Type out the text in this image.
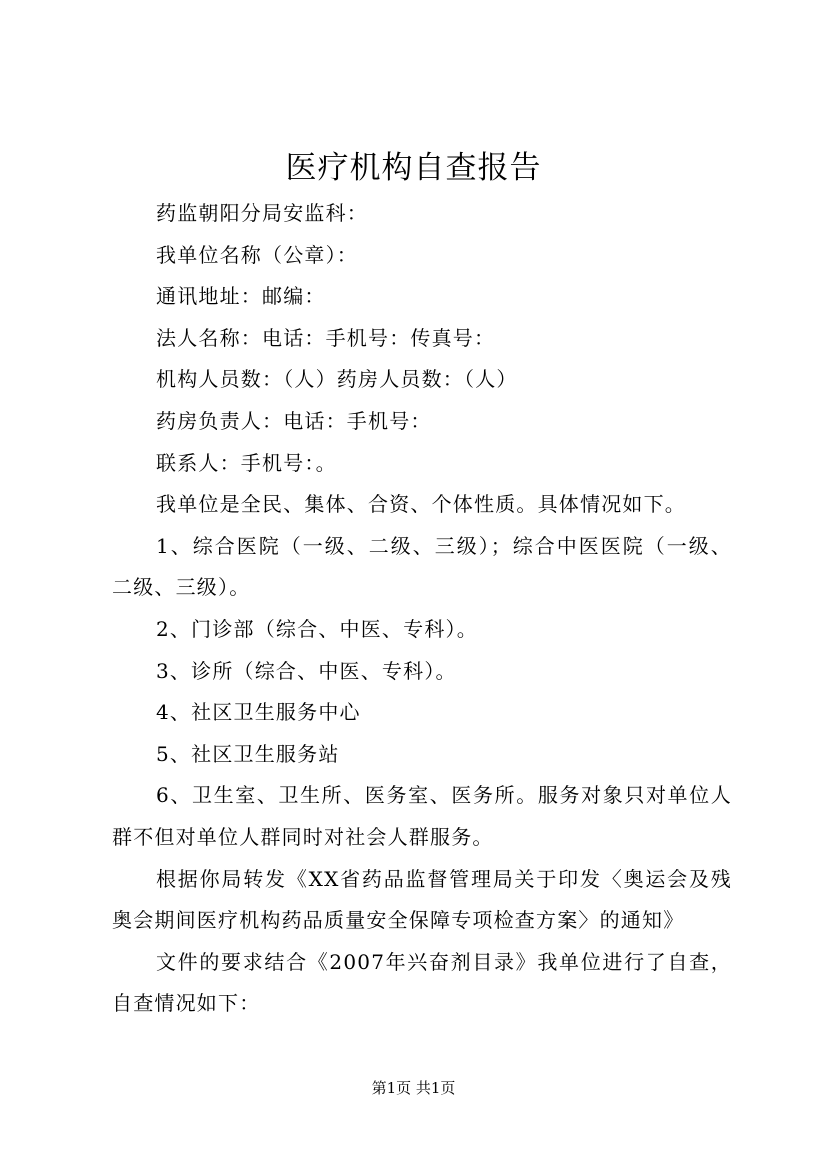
医疗机构自查报告

药监朝阳分局安监科：

我单位名称（公章）：

通讯地址：邮编：

法人名称：电话：手机号：传真号：

机构人员数：（人）药房人员数：（人）

药房负责人：电话：手机号：

联系人：手机号：。

我单位是全民、集体、合资、个体性质。具体情况如下。

1、综合医院（一级、二级、三级）；综合中医医院（一级、二级、三级）。

2、门诊部（综合、中医、专科）。

3、诊所（综合、中医、专科）。

4、社区卫生服务中心

5、社区卫生服务站

6、卫生室、卫生所、医务室、医务所。服务对象只对单位人群不但对单位人群同时对社会人群服务。

根据你局转发《XX省药品监督管理局关于印发〈奥运会及残奥会期间医疗机构药品质量安全保障专项检查方案〉的通知》

文件的要求结合《2007年兴奋剂目录》我单位进行了自查，自查情况如下：

第1页 共1页
